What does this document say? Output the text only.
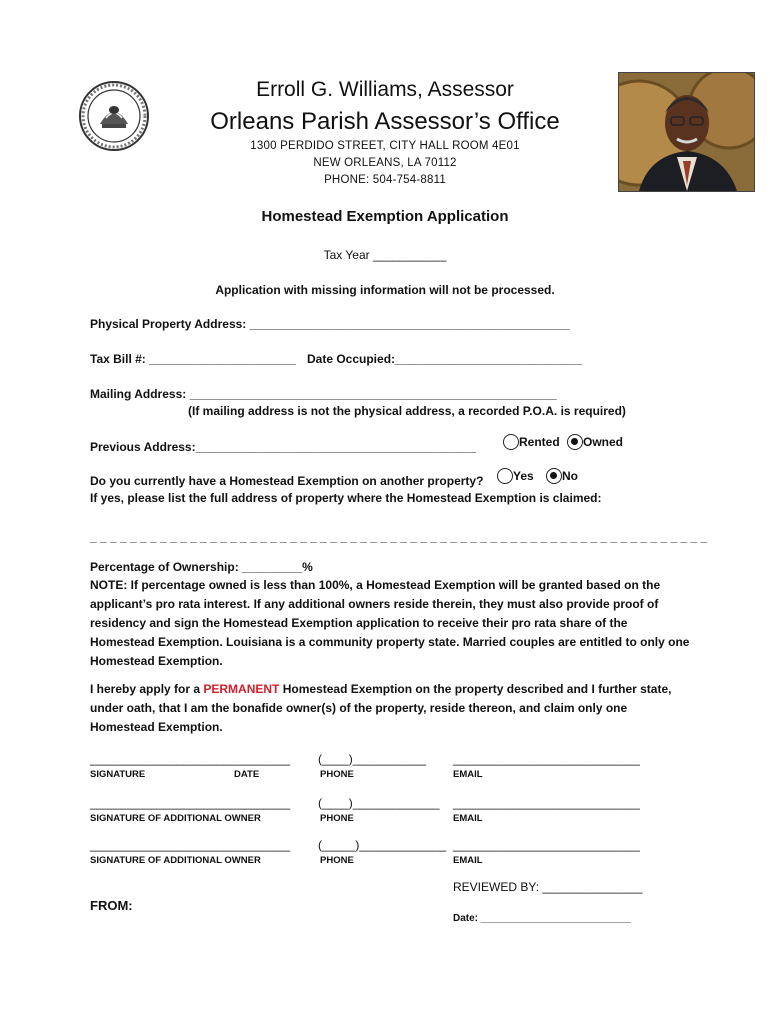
Erroll G. Williams, Assessor
Orleans Parish Assessor’s Office
1300 PERDIDO STREET, CITY HALL ROOM 4E01
NEW ORLEANS, LA 70112
PHONE: 504-754-8811
Homestead Exemption Application
Tax Year ___________
Application with missing information will not be processed.
Physical Property Address: ________________________________________________
Tax Bill #: ______________________ Date Occupied:____________________________
Mailing Address: _______________________________________________________
(If mailing address is not the physical address, a recorded P.O.A. is required)
Previous Address:__________________________________________	Rented	Owned
Do you currently have a Homestead Exemption on another property?	Yes	No
If yes, please list the full address of property where the Homestead Exemption is claimed:
_ _ _ _ _ _ _ _ _ _ _ _ _ _ _ _ _ _ _ _ _ _ _ _ _ _ _ _ _ _ _ _ _ _ _ _ _ _ _ _ _ _ _ _ _ _ _ _ _ _ _ _ _ _ _ _ _ _ _ _ _ _
Percentage of Ownership: _________%

NOTE: If percentage owned is less than 100%, a Homestead Exemption will be granted based on the applicant’s pro rata interest. If any additional owners reside therein, they must also provide proof of residency and sign the Homestead Exemption application to receive their pro rata share of the Homestead Exemption. Louisiana is a community property state. Married couples are entitled to only one Homestead Exemption.

I hereby apply for a PERMANENT Homestead Exemption on the property described and I further state, under oath, that I am the bonafide owner(s) of the property, reside thereon, and claim only one Homestead Exemption.

______________________________ (____)___________ ____________________________
SIGNATURE	DATE	PHONE	EMAIL
______________________________ (____)_____________ ____________________________
SIGNATURE OF ADDITIONAL OWNER	PHONE	EMAIL
______________________________ (_____)_____________ ____________________________
SIGNATURE OF ADDITIONAL OWNER	PHONE	EMAIL
REVIEWED BY: _______________
FROM:
Date: ___________________________
